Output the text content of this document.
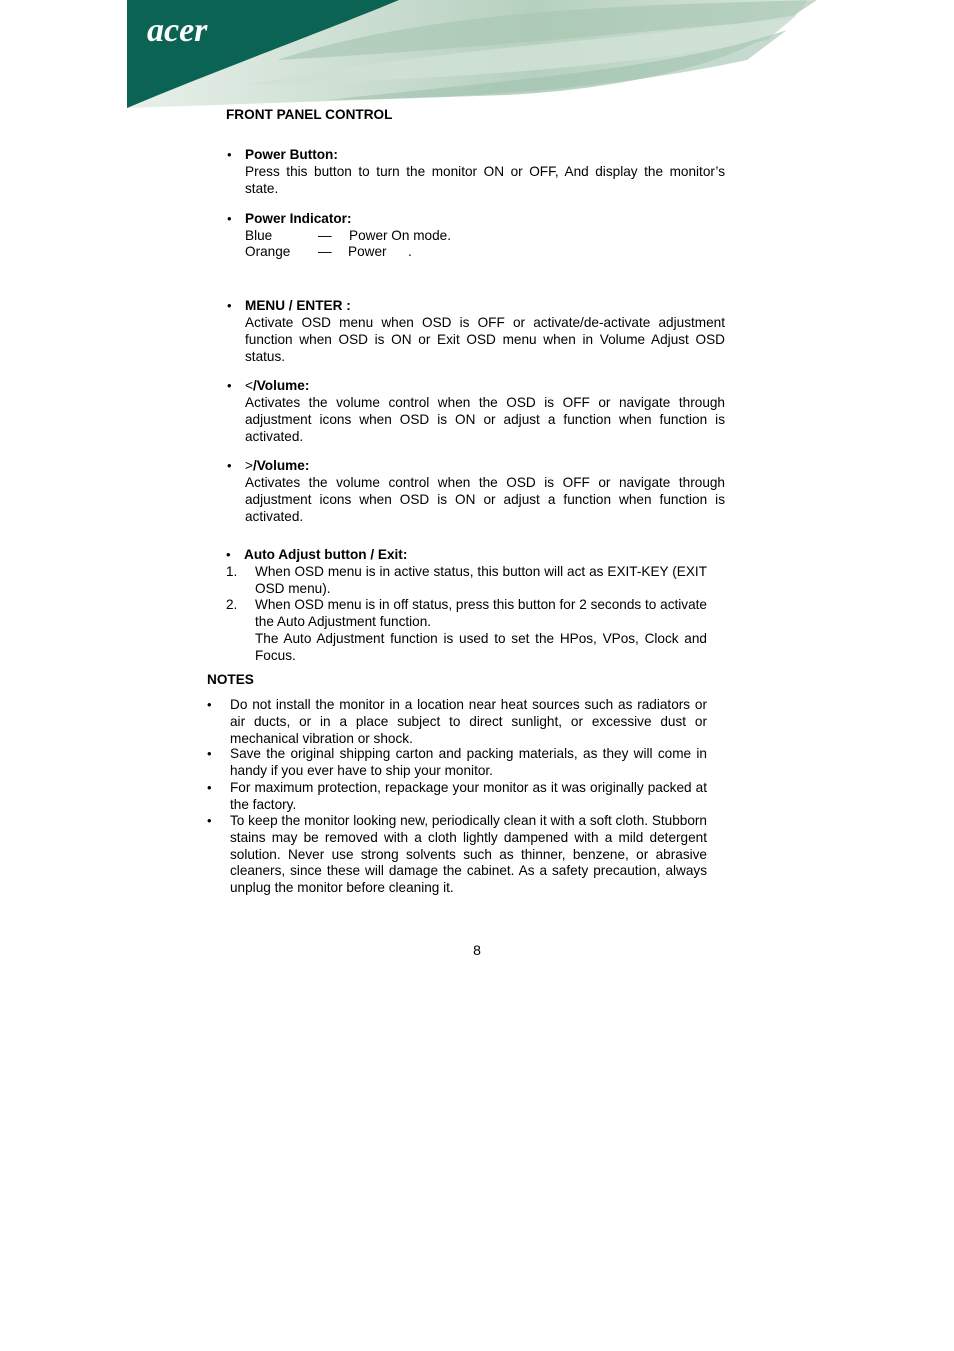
acer
FRONT PANEL CONTROL
• Power Button:
Press this button to turn the monitor ON or OFF, And display the monitor’s state.
• Power Indicator:
Blue	— Power On mode.
Orange — Power .
• MENU / ENTER :
Activate OSD menu when OSD is OFF or activate/de-activate adjustment function when OSD is ON or Exit OSD menu when in Volume Adjust OSD status.
• </Volume:
Activates the volume control when the OSD is OFF or navigate through adjustment icons when OSD is ON or adjust a function when function is activated.
• >/Volume:
Activates the volume control when the OSD is OFF or navigate through adjustment icons when OSD is ON or adjust a function when function is activated.
• Auto Adjust button / Exit:
1. When OSD menu is in active status, this button will act as EXIT-KEY (EXIT OSD menu).
2. When OSD menu is in off status, press this button for 2 seconds to activate the Auto Adjustment function.
The Auto Adjustment function is used to set the HPos, VPos, Clock and Focus.
NOTES
•	Do not install the monitor in a location near heat sources such as radiators or air ducts, or in a place subject to direct sunlight, or excessive dust or mechanical vibration or shock.
•	Save the original shipping carton and packing materials, as they will come in handy if you ever have to ship your monitor.
•	For maximum protection, repackage your monitor as it was originally packed at the factory.
•	To keep the monitor looking new, periodically clean it with a soft cloth. Stubborn stains may be removed with a cloth lightly dampened with a mild detergent solution. Never use strong solvents such as thinner, benzene, or abrasive cleaners, since these will damage the cabinet. As a safety precaution, always unplug the monitor before cleaning it.
8
